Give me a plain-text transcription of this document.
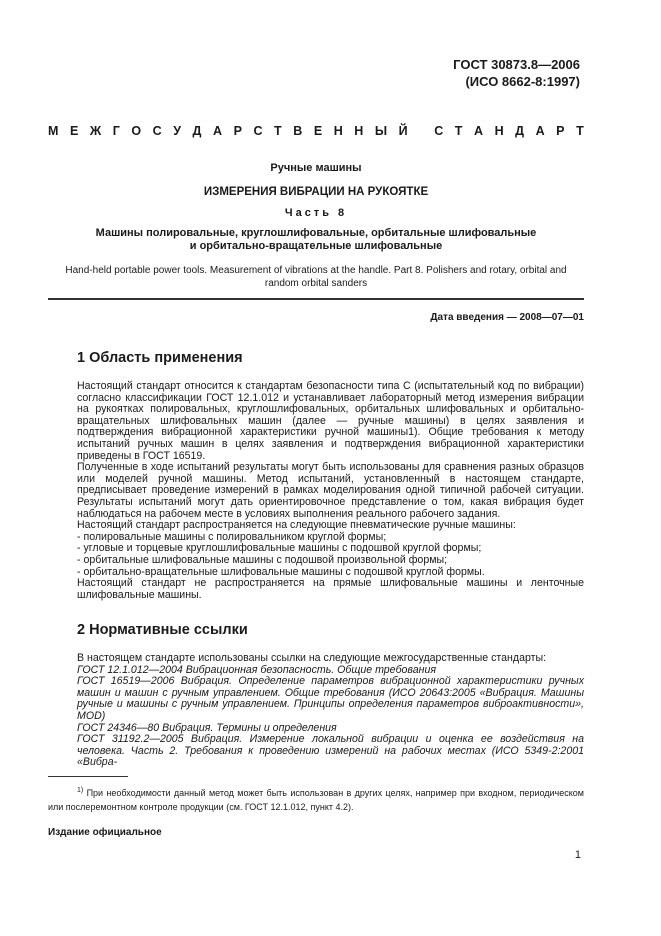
ГОСТ 30873.8—2006
(ИСО 8662-8:1997)
М Е Ж Г О С У Д А Р С Т В Е Н Н Ы Й
С Т А Н Д А Р Т
Ручные машины
ИЗМЕРЕНИЯ ВИБРАЦИИ НА РУКОЯТКЕ
Часть 8
Машины полировальные, круглошлифовальные, орбитальные шлифовальные
и орбитально-вращательные шлифовальные
Hand-held portable power tools. Measurement of vibrations at the handle. Part 8. Polishers and rotary, orbital and
random orbital sanders
Дата введения — 2008—07—01
1 Область применения
Настоящий стандарт относится к стандартам безопасности типа С (испытательный код по вибрации) согласно классификации ГОСТ 12.1.012 и устанавливает лабораторный метод измерения вибрации на рукоятках полировальных, круглошлифовальных, орбитальных шлифовальных и орбитально-вращательных шлифовальных машин (далее — ручные машины) в целях заявления и подтверждения вибрационной характеристики ручной машины1). Общие требования к методу испытаний ручных машин в целях заявления и подтверждения вибрационной характеристики приведены в ГОСТ 16519.
Полученные в ходе испытаний результаты могут быть использованы для сравнения разных образцов или моделей ручной машины. Метод испытаний, установленный в настоящем стандарте, предписывает проведение измерений в рамках моделирования одной типичной рабочей ситуации. Результаты испытаний могут дать ориентировочное представление о том, какая вибрация будет наблюдаться на рабочем месте в условиях выполнения реального рабочего задания.
Настоящий стандарт распространяется на следующие пневматические ручные машины:
- полировальные машины с полировальником круглой формы;
- угловые и торцевые круглошлифовальные машины с подошвой круглой формы;
- орбитальные шлифовальные машины с подошвой произвольной формы;
- орбитально-вращательные шлифовальные машины с подошвой круглой формы.
Настоящий стандарт не распространяется на прямые шлифовальные машины и ленточные шлифовальные машины.
2 Нормативные ссылки
В настоящем стандарте использованы ссылки на следующие межгосударственные стандарты:
ГОСТ 12.1.012—2004 Вибрационная безопасность. Общие требования
ГОСТ 16519—2006 Вибрация. Определение параметров вибрационной характеристики ручных машин и машин с ручным управлением. Общие требования (ИСО 20643:2005 «Вибрация. Машины ручные и машины с ручным управлением. Принципы определения параметров виброактивности», MOD)
ГОСТ 24346—80 Вибрация. Термины и определения
ГОСТ 31192.2—2005 Вибрация. Измерение локальной вибрации и оценка ее воздействия на человека. Часть 2. Требования к проведению измерений на рабочих местах (ИСО 5349-2:2001 «Вибра-
$^{1)}$ При необходимости данный метод может быть использован в других целях, например при входном, периодическом или послеремонтном контроле продукции (см. ГОСТ 12.1.012, пункт 4.2).
Издание официальное
1
